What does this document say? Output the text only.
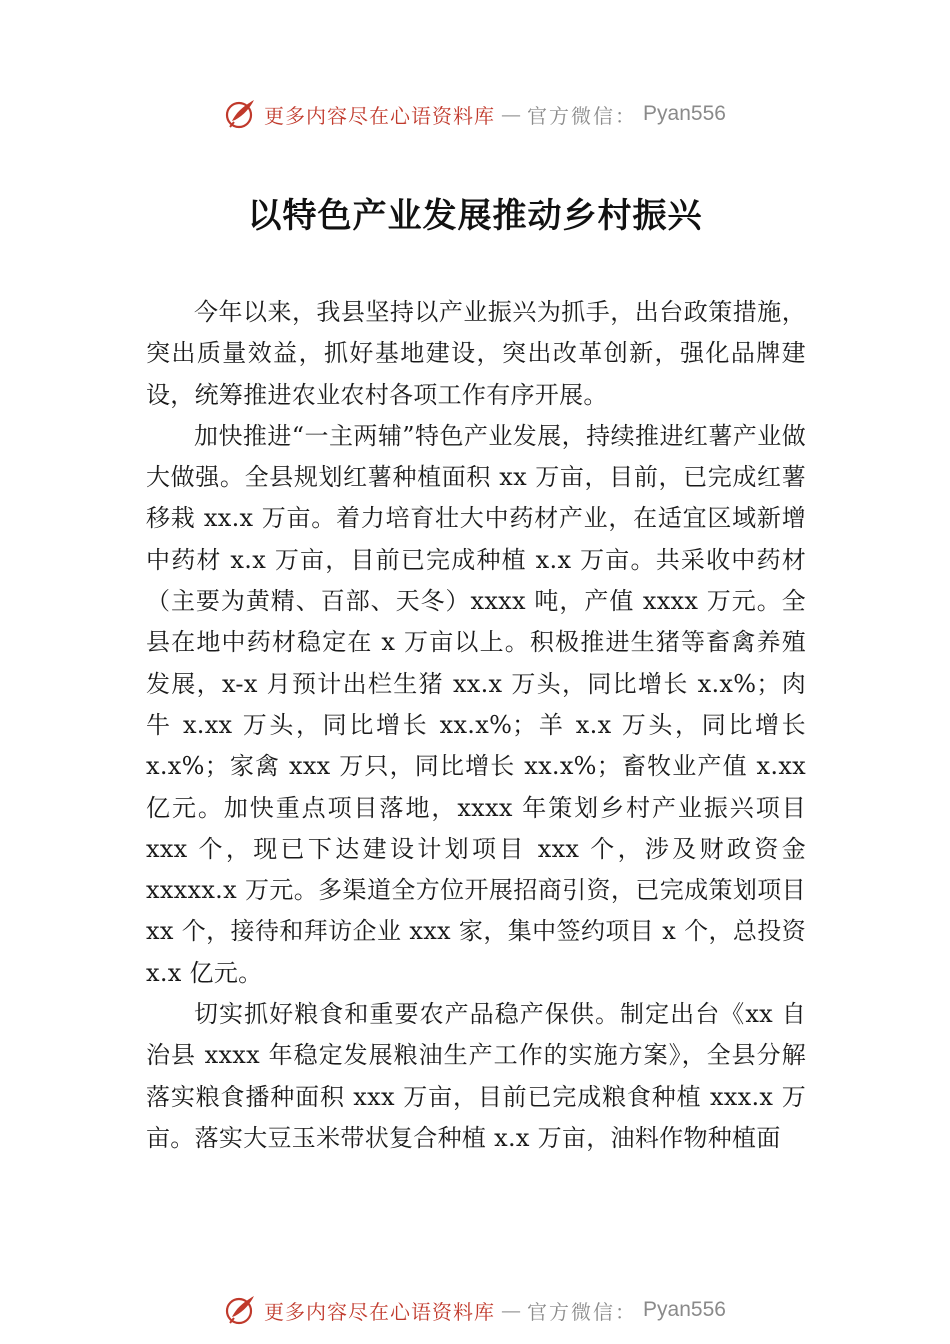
更多内容尽在心语资料库 — 官方微信： Pyan556
以特色产业发展推动乡村振兴

今年以来，我县坚持以产业振兴为抓手，出台政策措施，突出质量效益，抓好基地建设，突出改革创新，强化品牌建设，统筹推进农业农村各项工作有序开展。

加快推进“一主两辅”特色产业发展，持续推进红薯产业做大做强。全县规划红薯种植面积 xx 万亩，目前，已完成红薯移栽 xx.x 万亩。着力培育壮大中药材产业，在适宜区域新增中药材 x.x 万亩，目前已完成种植 x.x 万亩。共采收中药材（主要为黄精、百部、天冬）xxxx 吨，产值 xxxx 万元。全县在地中药材稳定在 x 万亩以上。积极推进生猪等畜禽养殖发展，x-x 月预计出栏生猪 xx.x 万头，同比增长 x.x%；肉牛 x.xx 万头，同比增长 xx.x%；羊 x.x 万头，同比增长 x.x%；家禽 xxx 万只，同比增长 xx.x%；畜牧业产值 x.xx 亿元。加快重点项目落地，xxxx 年策划乡村产业振兴项目 xxx 个，现已下达建设计划项目 xxx 个，涉及财政资金 xxxxx.x 万元。多渠道全方位开展招商引资，已完成策划项目 xx 个，接待和拜访企业 xxx 家，集中签约项目 x 个，总投资 x.x 亿元。

切实抓好粮食和重要农产品稳产保供。制定出台《xx 自治县 xxxx 年稳定发展粮油生产工作的实施方案》，全县分解落实粮食播种面积 xxx 万亩，目前已完成粮食种植 xxx.x 万亩。落实大豆玉米带状复合种植 x.x 万亩，油料作物种植面

更多内容尽在心语资料库 — 官方微信： Pyan556
